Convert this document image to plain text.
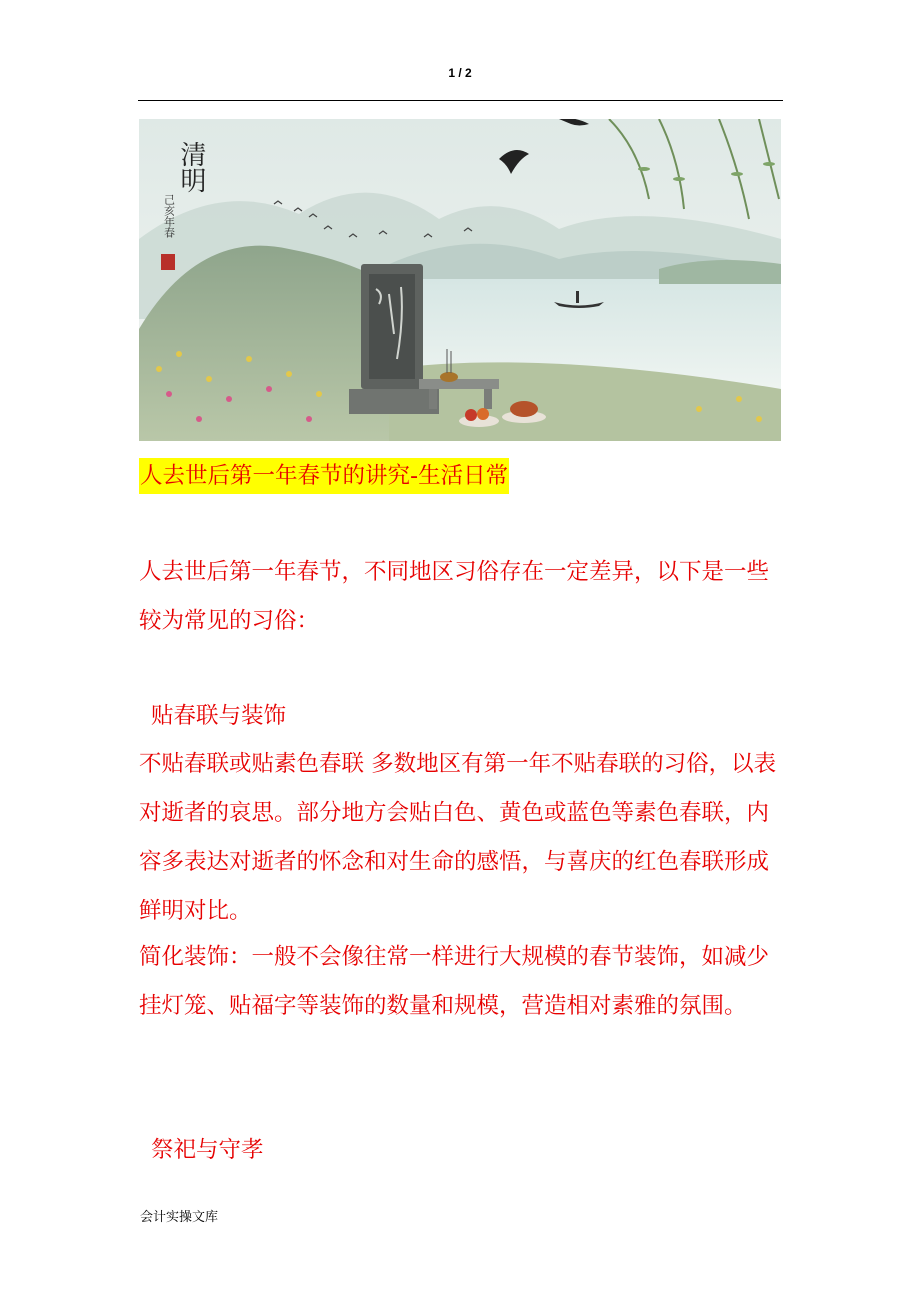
1 / 2
清明
己亥年春
人去世后第一年春节的讲究-生活日常
人去世后第一年春节，不同地区习俗存在一定差异，以下是一些较为常见的习俗：
贴春联与装饰
不贴春联或贴素色春联 多数地区有第一年不贴春联的习俗，以表对逝者的哀思。部分地方会贴白色、黄色或蓝色等素色春联，内容多表达对逝者的怀念和对生命的感悟，与喜庆的红色春联形成鲜明对比。
简化装饰：一般不会像往常一样进行大规模的春节装饰，如减少挂灯笼、贴福字等装饰的数量和规模，营造相对素雅的氛围。
祭祀与守孝
会计实操文库
